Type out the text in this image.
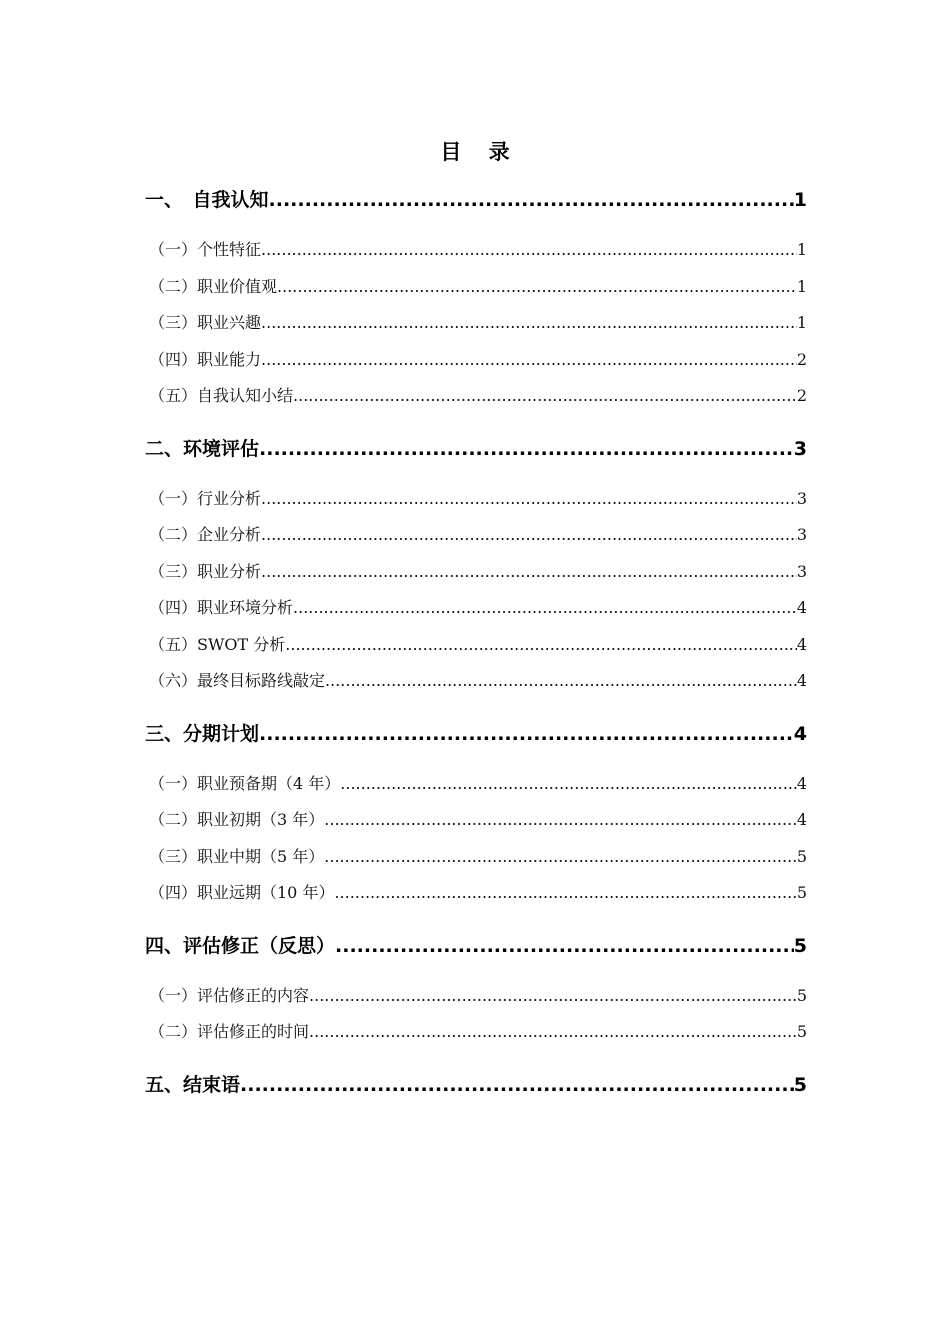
目 录
一、　自我认知 .....	1
（一）个性特征 .....	1
（二）职业价值观 .....	1
（三）职业兴趣 .....	1
（四）职业能力 .....	2
（五）自我认知小结 .....	2
二、环境评估 .....	3
（一）行业分析 .....	3
（二）企业分析 .....	3
（三）职业分析 .....	3
（四）职业环境分析 .....	4
（五）SWOT 分析 .....	4
（六）最终目标路线敲定 .....	4
三、分期计划 .....	4
（一）职业预备期（4 年） .....	4
（二）职业初期（3 年） .....	4
（三）职业中期（5 年） .....	5
（四）职业远期（10 年） .....	5
四、评估修正（反思） .....	5
（一）评估修正的内容 .....	5
（二）评估修正的时间 .....	5
五、结束语 .....	5
